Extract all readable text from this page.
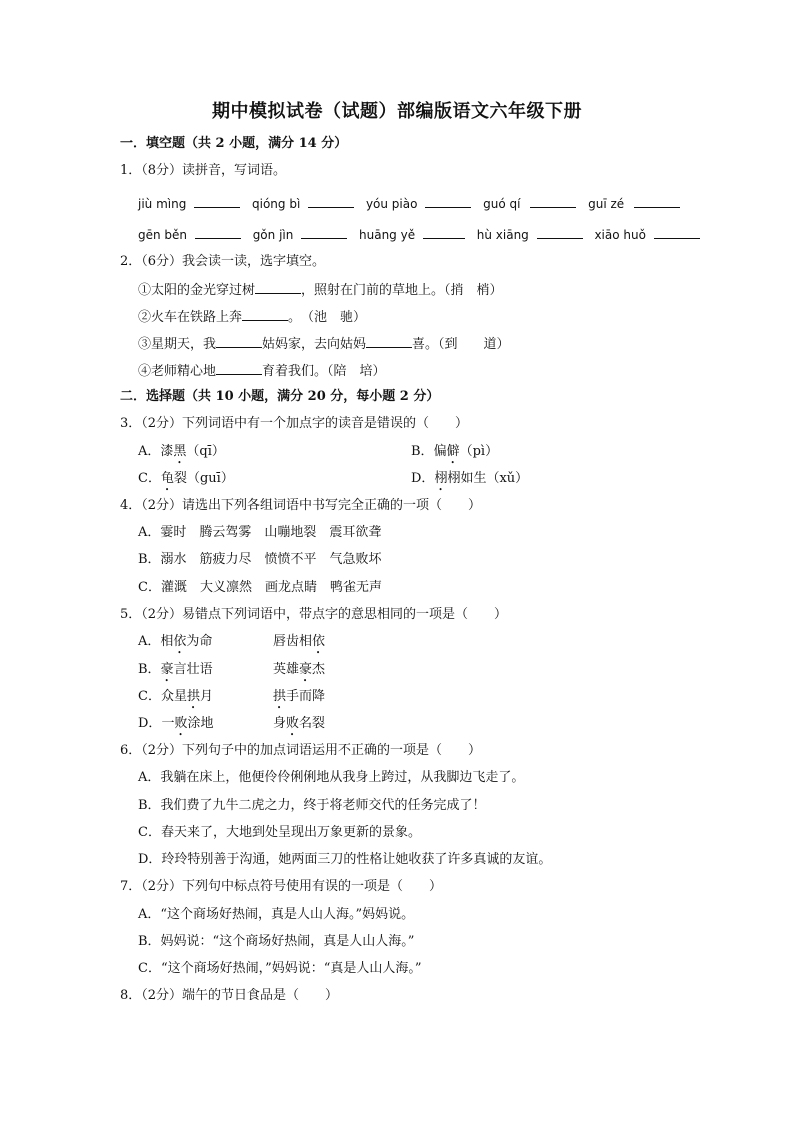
期中模拟试卷（试题）部编版语文六年级下册
一．填空题（共 2 小题，满分 14 分）
1．（8分）读拼音，写词语。
jiù mìng	qióng bì	yóu piào	guó qí	guī zé
gēn běn	gǒn jìn	huāng yě	hù xiāng	xiāo huǒ
2．（6分）我会读一读，选字填空。
①太阳的金光穿过树	，照射在门前的草地上。（捎　梢）
②火车在铁路上奔	。　（池　驰）
③星期天，我	姑妈家，去向姑妈	喜。（到　　道）
④老师精心地	育着我们。（陪　培）
二．选择题（共 10 小题，满分 20 分，每小题 2 分）
3．（2分）下列词语中有一个加点字的读音是错误的（　　）
A．漆黑（qī）	B．偏僻（pì）
C．龟裂（guī）	D．栩栩如生（xǔ）
4．（2分）请选出下列各组词语中书写完全正确的一项（　　）
A．霎时　腾云驾雾　山嘣地裂　震耳欲聋
B．溺水　筋疲力尽　愤愤不平　气急败坏
C．灌溉　大义凛然　画龙点睛　鸭雀无声
5．（2分）易错点下列词语中，带点字的意思相同的一项是（　　）
A．相依为命	唇齿相依
B．豪言壮语	英雄豪杰
C．众星拱月	拱手而降
D．一败涂地	身败名裂
6．（2分）下列句子中的加点词语运用不正确的一项是（　　）
A．我躺在床上，他便伶伶俐俐地从我身上跨过，从我脚边飞走了。
B．我们费了九牛二虎之力，终于将老师交代的任务完成了！
C．春天来了，大地到处呈现出万象更新的景象。
D．玲玲特别善于沟通，她两面三刀的性格让她收获了许多真诚的友谊。
7．（2分）下列句中标点符号使用有误的一项是（　　）
A．“这个商场好热闹，真是人山人海。”妈妈说。
B．妈妈说：“这个商场好热闹，真是人山人海。”
C．“这个商场好热闹，”妈妈说：“真是人山人海。”
8．（2分）端午的节日食品是（　　）
